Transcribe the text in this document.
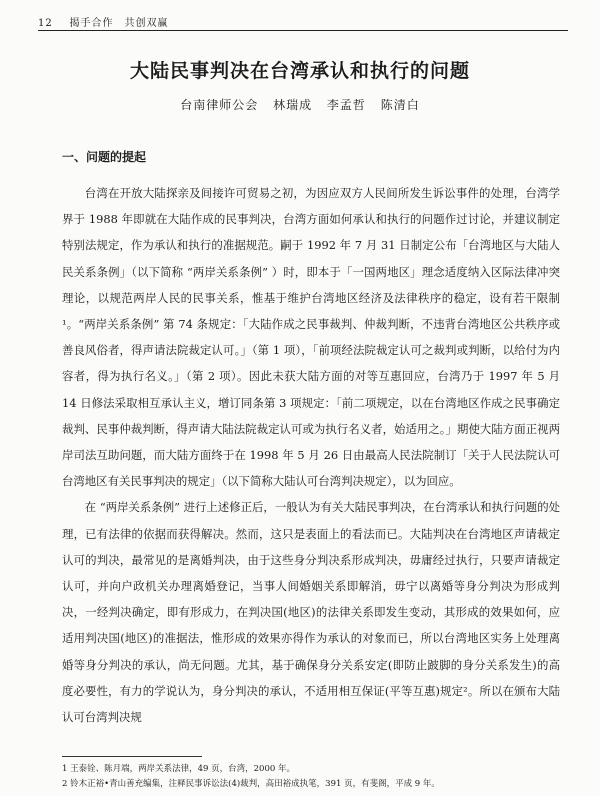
12 揭手合作　共创双赢
大陆民事判决在台湾承认和执行的问题
台南律师公会 林瑞成 李孟哲 陈清白
一、问题的提起

台湾在开放大陆探亲及间接许可贸易之初，为因应双方人民间所发生诉讼事件的处理，台湾学界于 1988 年即就在大陆作成的民事判决，台湾方面如何承认和执行的问题作过讨论，并建议制定特别法规定，作为承认和执行的准据规范。嗣于 1992 年 7 月 31 日制定公布「台湾地区与大陆人民关系条例」（以下简称 “两岸关系条例” ）时，即本于「一国两地区」理念适度纳入区际法律冲突理论，以规范两岸人民的民事关系，惟基于维护台湾地区经济及法律秩序的稳定，设有若干限制¹。“两岸关系条例” 第 74 条规定：「大陆作成之民事裁判、仲裁判断，不违背台湾地区公共秩序或善良风俗者，得声请法院裁定认可。」（第 1 项），「前项经法院裁定认可之裁判或判断，以给付为内容者，得为执行名义。」（第 2 项）。因此未获大陆方面的对等互惠回应，台湾乃于 1997 年 5 月 14 日修法采取相互承认主义，增订同条第 3 项规定：「前二项规定，以在台湾地区作成之民事确定裁判、民事仲裁判断，得声请大陆法院裁定认可或为执行名义者，始适用之。」期使大陆方面正视两岸司法互助问题，而大陆方面终于在 1998 年 5 月 26 日由最高人民法院制订「关于人民法院认可台湾地区有关民事判决的规定」（以下简称大陆认可台湾判决规定），以为回应。

在 “两岸关系条例” 进行上述修正后，一般认为有关大陆民事判决，在台湾承认和执行问题的处理，已有法律的依据而获得解决。然而，这只是表面上的看法而已。大陆判决在台湾地区声请裁定认可的判决，最常见的是离婚判决，由于这些身分判决系形成判决，毋庸经过执行，只要声请裁定认可，并向户政机关办理离婚登记，当事人间婚姻关系即解消，毋宁以离婚等身分判决为形成判决，一经判决确定，即有形成力，在判决国(地区)的法律关系即发生变动，其形成的效果如何，应适用判决国(地区)的准据法，惟形成的效果亦得作为承认的对象而已，所以台湾地区实务上处理离婚等身分判决的承认，尚无问题。尤其，基于确保身分关系安定(即防止跛脚的身分关系发生)的高度必要性，有力的学说认为，身分判决的承认，不适用相互保证(平等互惠)规定²。所以在颁布大陆认可台湾判决规

1 王泰铨、陈月端，两岸关系法律，49 页，台湾，2000 年。
2 铃木正裕•青山善充编集，注释民事诉讼法(4)裁判，高田裕成执笔，391 页，有斐阁，平成 9 年。
